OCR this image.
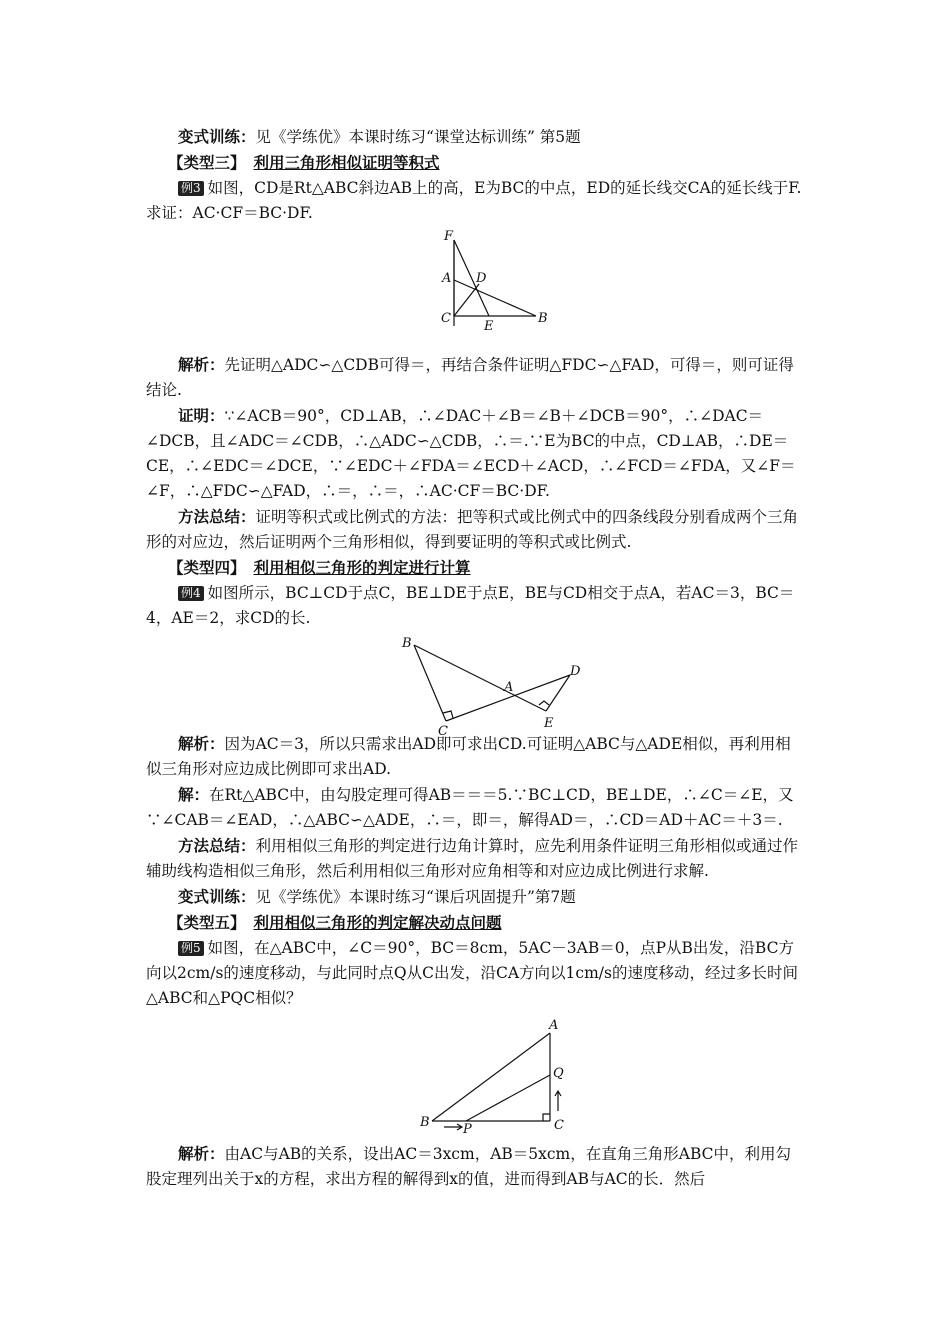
变式训练：见《学练优》本课时练习“课堂达标训练” 第5题

【类型三】 利用三角形相似证明等积式

例3 如图，CD是Rt△ABC斜边AB上的高，E为BC的中点，ED的延长线交CA的延长线于F.求证：AC·CF＝BC·DF.

F
A D
C
E
B

解析：先证明△ADC∽△CDB可得＝，再结合条件证明△FDC∽△FAD，可得＝，则可证得结论.

证明：∵∠ACB＝90°，CD⊥AB，∴∠DAC＋∠B＝∠B＋∠DCB＝90°，∴∠DAC＝∠DCB，且∠ADC＝∠CDB，∴△ADC∽△CDB，∴＝.∵E为BC的中点，CD⊥AB，∴DE＝CE，∴∠EDC＝∠DCE，∵∠EDC＋∠FDA＝∠ECD＋∠ACD，∴∠FCD＝∠FDA，又∠F＝∠F，∴△FDC∽△FAD，∴＝，∴＝，∴AC·CF＝BC·DF.

方法总结：证明等积式或比例式的方法：把等积式或比例式中的四条线段分别看成两个三角形的对应边，然后证明两个三角形相似，得到要证明的等积式或比例式.

【类型四】 利用相似三角形的判定进行计算

例4 如图所示，BC⊥CD于点C，BE⊥DE于点E，BE与CD相交于点A，若AC＝3，BC＝4，AE＝2，求CD的长.

B
A
D
C
E

解析：因为AC＝3，所以只需求出AD即可求出CD.可证明△ABC与△ADE相似，再利用相似三角形对应边成比例即可求出AD.

解：在Rt△ABC中，由勾股定理可得AB＝＝＝5.∵BC⊥CD，BE⊥DE，∴∠C＝∠E，又∵∠CAB＝∠EAD，∴△ABC∽△ADE，∴＝，即＝，解得AD＝，∴CD＝AD＋AC＝＋3＝.

方法总结：利用相似三角形的判定进行边角计算时，应先利用条件证明三角形相似或通过作辅助线构造相似三角形，然后利用相似三角形对应角相等和对应边成比例进行求解.

变式训练：见《学练优》本课时练习“课后巩固提升”第7题

【类型五】 利用相似三角形的判定解决动点问题

例5 如图，在△ABC中，∠C＝90°，BC＝8cm，5AC－3AB＝0，点P从B出发，沿BC方向以2cm/s的速度移动，与此同时点Q从C出发，沿CA方向以1cm/s的速度移动，经过多长时间△ABC和△PQC相似？

A
Q
B	P	C

解析：由AC与AB的关系，设出AC＝3xcm，AB＝5xcm，在直角三角形ABC中，利用勾股定理列出关于x的方程，求出方程的解得到x的值，进而得到AB与AC的长．然后
